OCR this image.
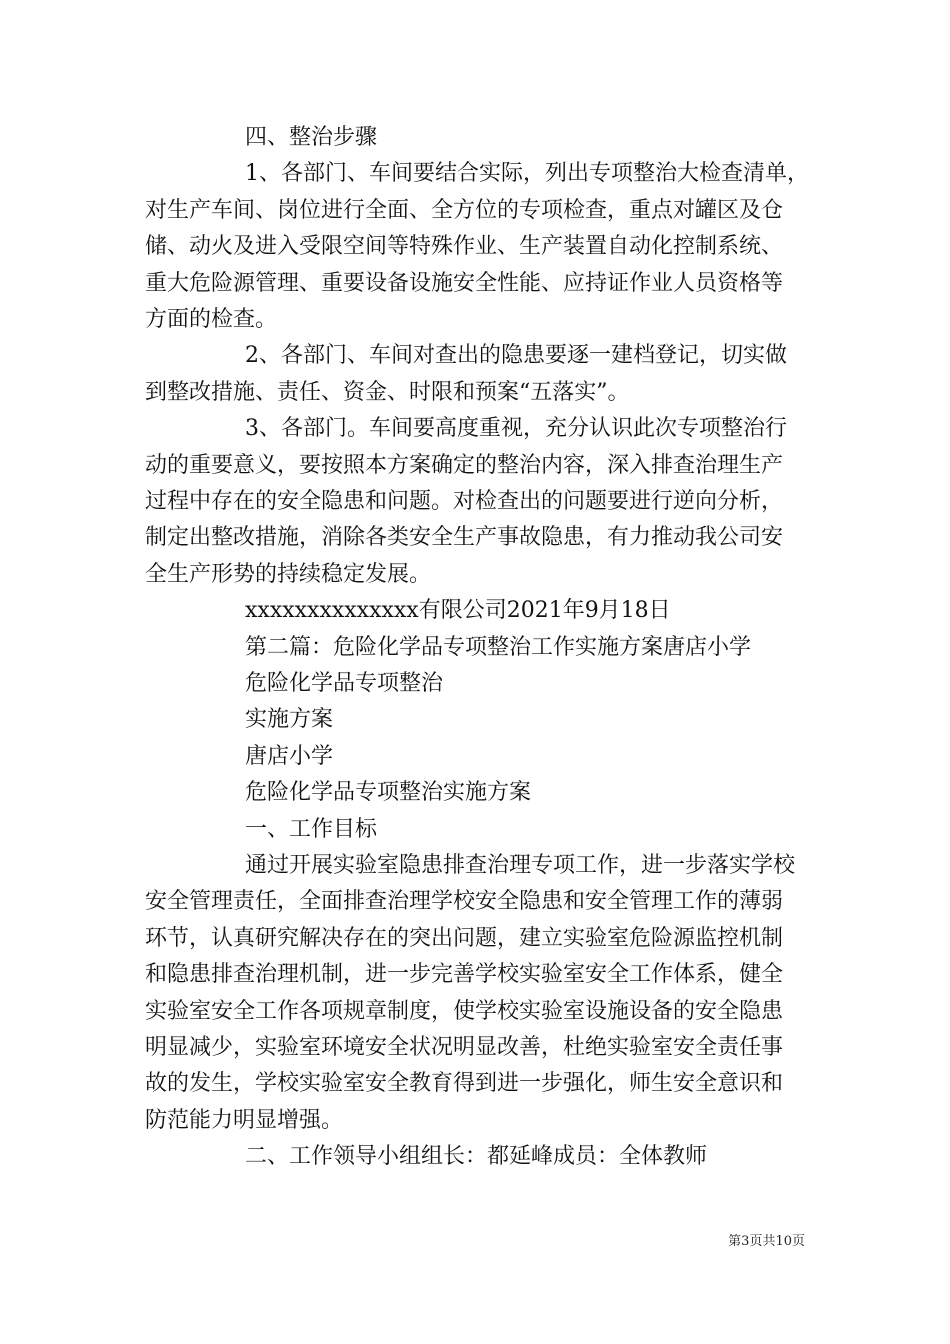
四、整治步骤
1、各部门、车间要结合实际，列出专项整治大检查清单，
对生产车间、岗位进行全面、全方位的专项检查，重点对罐区及仓
储、动火及进入受限空间等特殊作业、生产装置自动化控制系统、
重大危险源管理、重要设备设施安全性能、应持证作业人员资格等
方面的检查。
2、各部门、车间对查出的隐患要逐一建档登记，切实做
到整改措施、责任、资金、时限和预案“五落实”。
3、各部门。车间要高度重视，充分认识此次专项整治行
动的重要意义，要按照本方案确定的整治内容，深入排查治理生产
过程中存在的安全隐患和问题。对检查出的问题要进行逆向分析，
制定出整改措施，消除各类安全生产事故隐患，有力推动我公司安
全生产形势的持续稳定发展。
xxxxxxxxxxxxxx有限公司2021年9月18日
第二篇：危险化学品专项整治工作实施方案唐店小学
危险化学品专项整治
实施方案
唐店小学
危险化学品专项整治实施方案
一、工作目标
通过开展实验室隐患排查治理专项工作，进一步落实学校
安全管理责任，全面排查治理学校安全隐患和安全管理工作的薄弱
环节，认真研究解决存在的突出问题，建立实验室危险源监控机制
和隐患排查治理机制，进一步完善学校实验室安全工作体系，健全
实验室安全工作各项规章制度，使学校实验室设施设备的安全隐患
明显减少，实验室环境安全状况明显改善，杜绝实验室安全责任事
故的发生，学校实验室安全教育得到进一步强化，师生安全意识和
防范能力明显增强。
二、工作领导小组组长：都延峰成员：全体教师
第3页共10页
